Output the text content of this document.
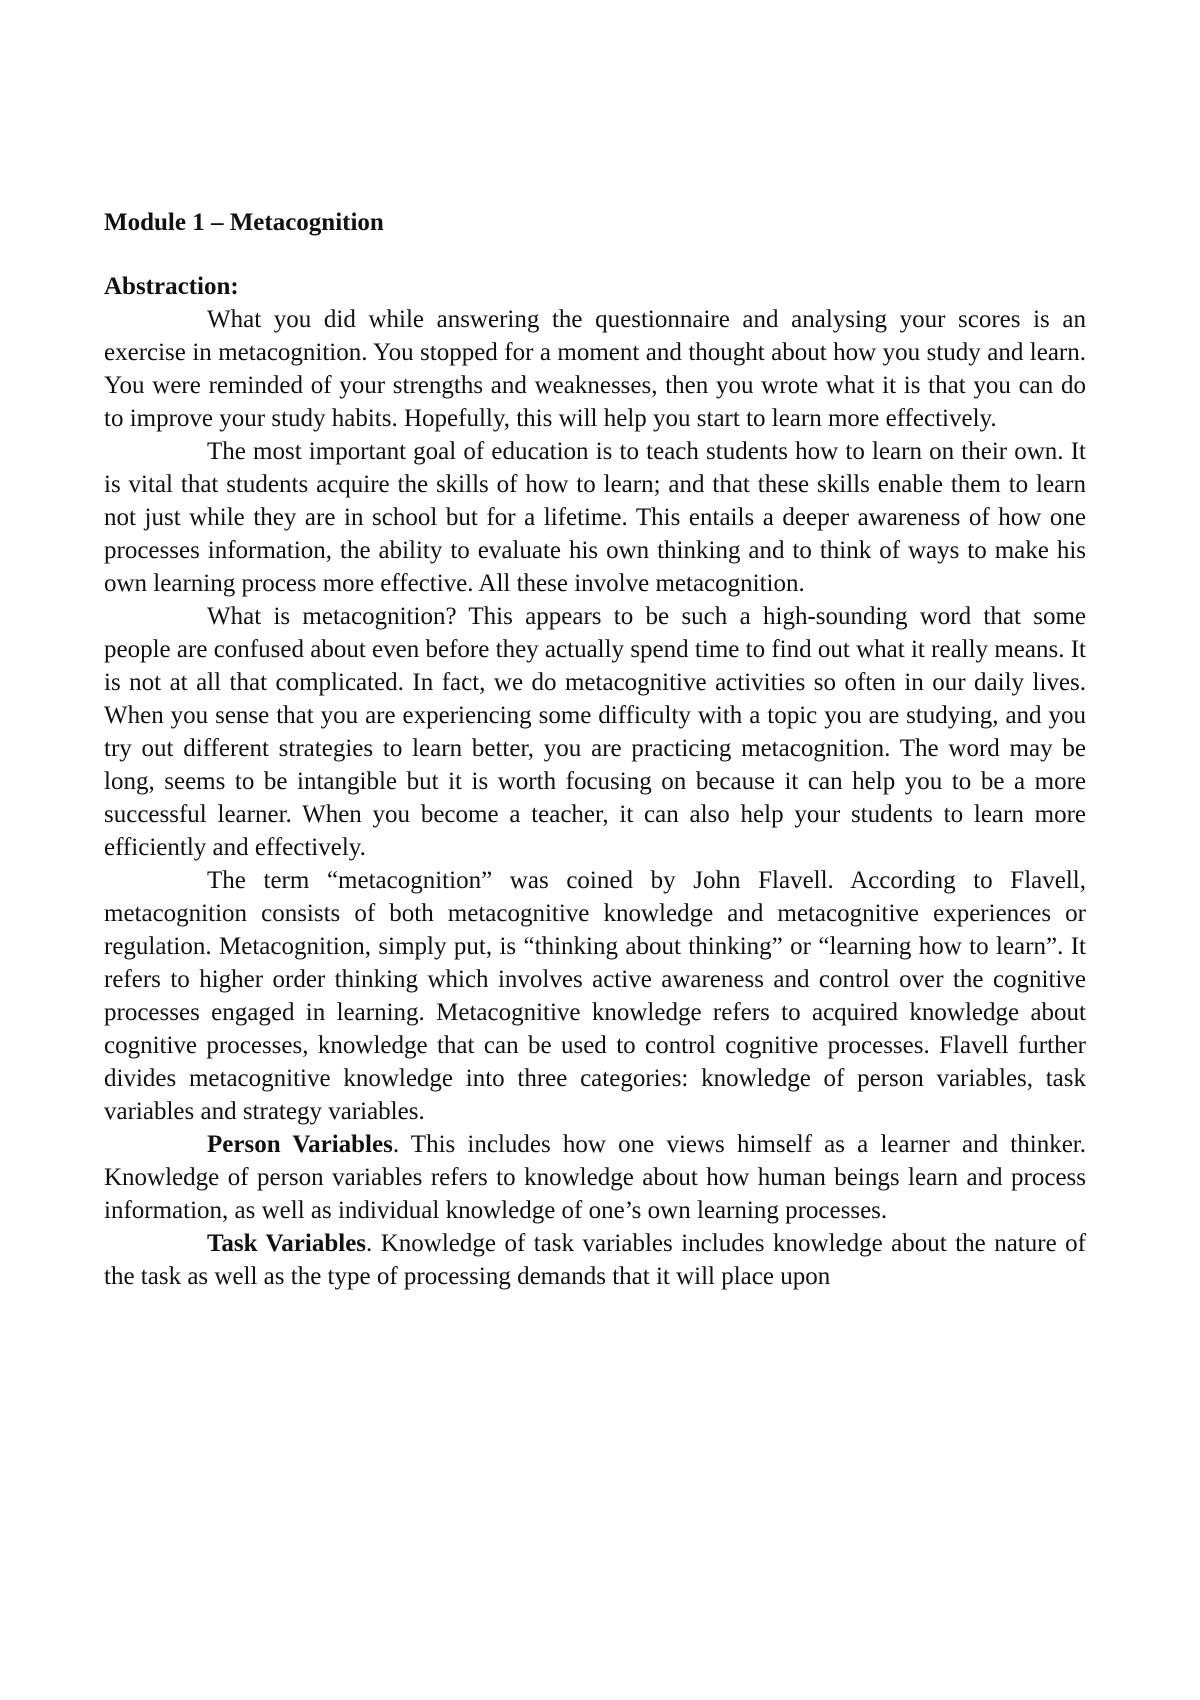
Module 1 – Metacognition
Abstraction:

What you did while answering the questionnaire and analysing your scores is an exercise in metacognition. You stopped for a moment and thought about how you study and learn. You were reminded of your strengths and weaknesses, then you wrote what it is that you can do to improve your study habits. Hopefully, this will help you start to learn more effectively.

The most important goal of education is to teach students how to learn on their own. It is vital that students acquire the skills of how to learn; and that these skills enable them to learn not just while they are in school but for a lifetime. This entails a deeper awareness of how one processes information, the ability to evaluate his own thinking and to think of ways to make his own learning process more effective. All these involve metacognition.

What is metacognition? This appears to be such a high-sounding word that some people are confused about even before they actually spend time to find out what it really means. It is not at all that complicated. In fact, we do metacognitive activities so often in our daily lives. When you sense that you are experiencing some difficulty with a topic you are studying, and you try out different strategies to learn better, you are practicing metacognition. The word may be long, seems to be intangible but it is worth focusing on because it can help you to be a more successful learner. When you become a teacher, it can also help your students to learn more efficiently and effectively.

The term “metacognition” was coined by John Flavell. According to Flavell, metacognition consists of both metacognitive knowledge and metacognitive experiences or regulation. Metacognition, simply put, is “thinking about thinking” or “learning how to learn”. It refers to higher order thinking which involves active awareness and control over the cognitive processes engaged in learning. Metacognitive knowledge refers to acquired knowledge about cognitive processes, knowledge that can be used to control cognitive processes. Flavell further divides metacognitive knowledge into three categories: knowledge of person variables, task variables and strategy variables.

Person Variables. This includes how one views himself as a learner and thinker. Knowledge of person variables refers to knowledge about how human beings learn and process information, as well as individual knowledge of one’s own learning processes.

Task Variables. Knowledge of task variables includes knowledge about the nature of the task as well as the type of processing demands that it will place upon
